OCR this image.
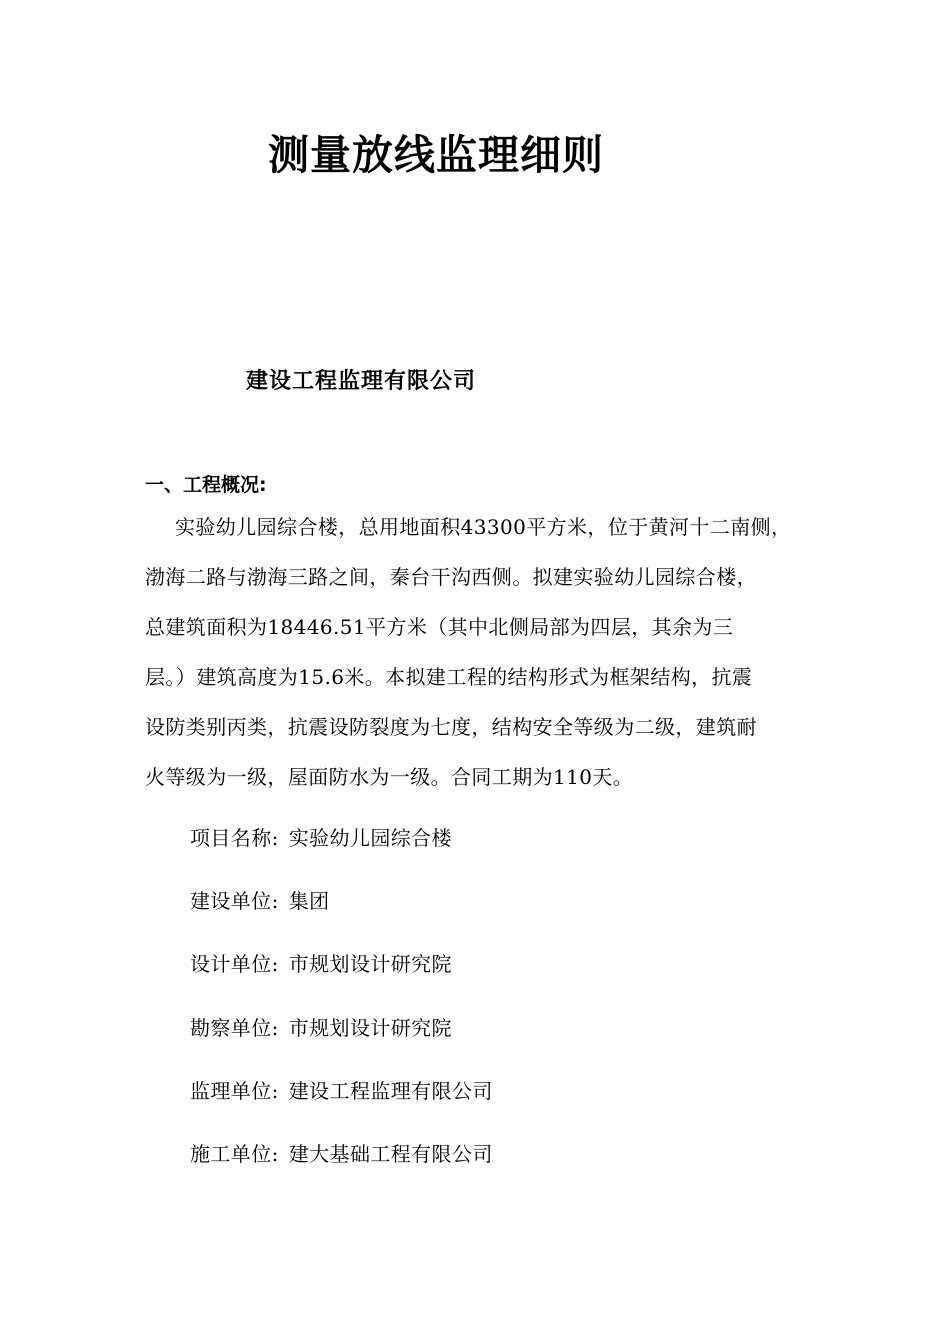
测量放线监理细则
建设工程监理有限公司
一、工程概况:
实验幼儿园综合楼，总用地面积43300平方米，位于黄河十二南侧，
渤海二路与渤海三路之间，秦台干沟西侧。拟建实验幼儿园综合楼，
总建筑面积为18446.51平方米（其中北侧局部为四层，其余为三
层。）建筑高度为15.6米。本拟建工程的结构形式为框架结构，抗震
设防类别丙类，抗震设防裂度为七度，结构安全等级为二级，建筑耐
火等级为一级，屋面防水为一级。合同工期为110天。
项目名称: 实验幼儿园综合楼
建设单位: 集团
设计单位: 市规划设计研究院
勘察单位: 市规划设计研究院
监理单位: 建设工程监理有限公司
施工单位: 建大基础工程有限公司
